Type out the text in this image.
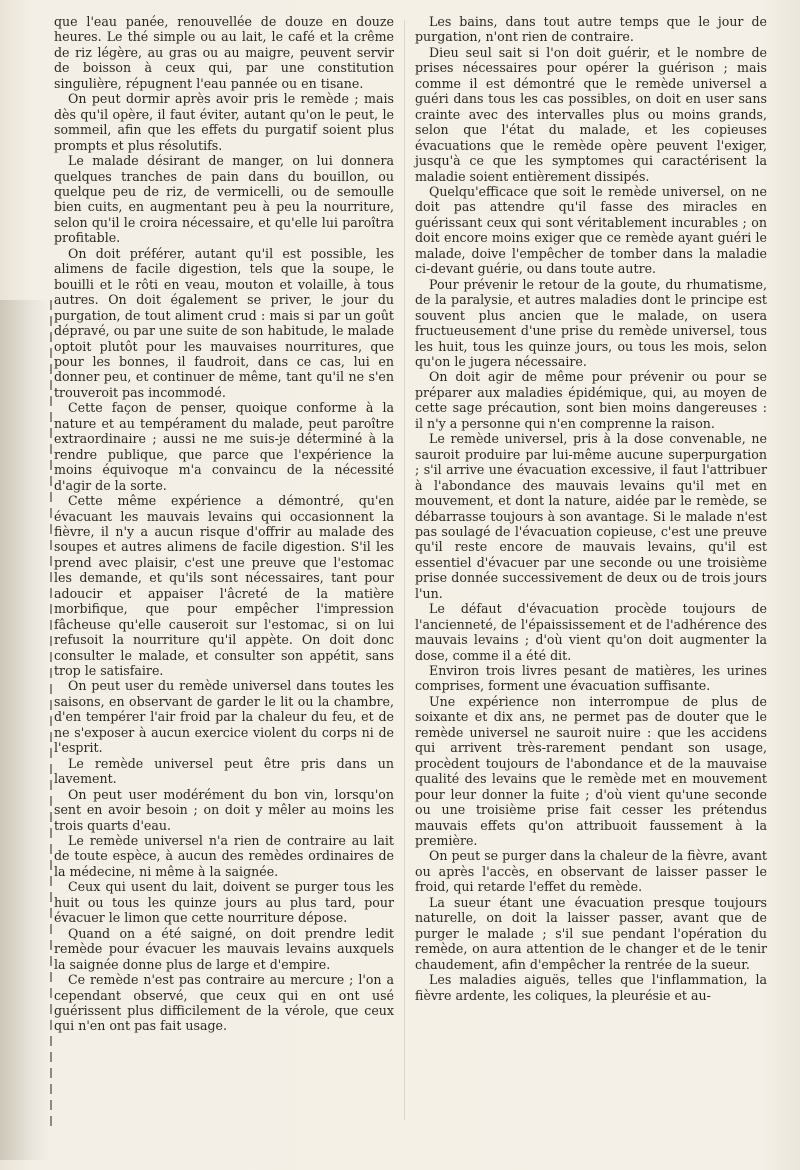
que l'eau panée, renouvellée de douze en douze heures. Le thé simple ou au lait, le café et la crême de riz légère, au gras ou au maigre, peuvent servir de boisson à ceux qui, par une constitution singulière, répugnent l'eau pannée ou en tisane.

On peut dormir après avoir pris le remède ; mais dès qu'il opère, il faut éviter, autant qu'on le peut, le sommeil, afin que les effets du purgatif soient plus prompts et plus résolutifs.

Le malade désirant de manger, on lui donnera quelques tranches de pain dans du bouillon, ou quelque peu de riz, de vermicelli, ou de semoulle bien cuits, en augmentant peu à peu la nourriture, selon qu'il le croira nécessaire, et qu'elle lui paroîtra profitable.

On doit préférer, autant qu'il est possible, les alimens de facile digestion, tels que la soupe, le bouilli et le rôti en veau, mouton et volaille, à tous autres. On doit également se priver, le jour du purgation, de tout aliment crud : mais si par un goût dépravé, ou par une suite de son habitude, le malade optoit plutôt pour les mauvaises nourritures, que pour les bonnes, il faudroit, dans ce cas, lui en donner peu, et continuer de même, tant qu'il ne s'en trouveroit pas incommodé.

Cette façon de penser, quoique conforme à la nature et au tempérament du malade, peut paroître extraordinaire ; aussi ne me suis-je déterminé à la rendre publique, que parce que l'expérience la moins équivoque m'a convaincu de la nécessité d'agir de la sorte.

Cette même expérience a démontré, qu'en évacuant les mauvais levains qui occasionnent la fièvre, il n'y a aucun risque d'offrir au malade des soupes et autres alimens de facile digestion. S'il les prend avec plaisir, c'est une preuve que l'estomac les demande, et qu'ils sont nécessaires, tant pour adoucir et appaiser l'âcreté de la matière morbifique, que pour empêcher l'impression fâcheuse qu'elle causeroit sur l'estomac, si on lui refusoit la nourriture qu'il appète. On doit donc consulter le malade, et consulter son appétit, sans trop le satisfaire.

On peut user du remède universel dans toutes les saisons, en observant de garder le lit ou la chambre, d'en tempérer l'air froid par la chaleur du feu, et de ne s'exposer à aucun exercice violent du corps ni de l'esprit.

Le remède universel peut être pris dans un lavement.

On peut user modérément du bon vin, lorsqu'on sent en avoir besoin ; on doit y mêler au moins les trois quarts d'eau.

Le remède universel n'a rien de contraire au lait de toute espèce, à aucun des remèdes ordinaires de la médecine, ni même à la saignée.

Ceux qui usent du lait, doivent se purger tous les huit ou tous les quinze jours au plus tard, pour évacuer le limon que cette nourriture dépose.

Quand on a été saigné, on doit prendre ledit remède pour évacuer les mauvais levains auxquels la saignée donne plus de large et d'empire.

Ce remède n'est pas contraire au mercure ; l'on a cependant observé, que ceux qui en ont usé guérissent plus difficilement de la vérole, que ceux qui n'en ont pas fait usage.

Les bains, dans tout autre temps que le jour de purgation, n'ont rien de contraire.

Dieu seul sait si l'on doit guérir, et le nombre de prises nécessaires pour opérer la guérison ; mais comme il est démontré que le remède universel a guéri dans tous les cas possibles, on doit en user sans crainte avec des intervalles plus ou moins grands, selon que l'état du malade, et les copieuses évacuations que le remède opère peuvent l'exiger, jusqu'à ce que les symptomes qui caractérisent la maladie soient entièrement dissipés.

Quelqu'efficace que soit le remède universel, on ne doit pas attendre qu'il fasse des miracles en guérissant ceux qui sont véritablement incurables ; on doit encore moins exiger que ce remède ayant guéri le malade, doive l'empêcher de tomber dans la maladie ci-devant guérie, ou dans toute autre.

Pour prévenir le retour de la goute, du rhumatisme, de la paralysie, et autres maladies dont le principe est souvent plus ancien que le malade, on usera fructueusement d'une prise du remède universel, tous les huit, tous les quinze jours, ou tous les mois, selon qu'on le jugera nécessaire.

On doit agir de même pour prévenir ou pour se préparer aux maladies épidémique, qui, au moyen de cette sage précaution, sont bien moins dangereuses : il n'y a personne qui n'en comprenne la raison.

Le remède universel, pris à la dose convenable, ne sauroit produire par lui-même aucune superpurgation ; s'il arrive une évacuation excessive, il faut l'attribuer à l'abondance des mauvais levains qu'il met en mouvement, et dont la nature, aidée par le remède, se débarrasse toujours à son avantage. Si le malade n'est pas soulagé de l'évacuation copieuse, c'est une preuve qu'il reste encore de mauvais levains, qu'il est essentiel d'évacuer par une seconde ou une troisième prise donnée successivement de deux ou de trois jours l'un.

Le défaut d'évacuation procède toujours de l'ancienneté, de l'épaississement et de l'adhérence des mauvais levains ; d'où vient qu'on doit augmenter la dose, comme il a été dit.

Environ trois livres pesant de matières, les urines comprises, forment une évacuation suffisante.

Une expérience non interrompue de plus de soixante et dix ans, ne permet pas de douter que le remède universel ne sauroit nuire : que les accidens qui arrivent très-rarement pendant son usage, procèdent toujours de l'abondance et de la mauvaise qualité des levains que le remède met en mouvement pour leur donner la fuite ; d'où vient qu'une seconde ou une troisième prise fait cesser les prétendus mauvais effets qu'on attribuoit faussement à la première.

On peut se purger dans la chaleur de la fièvre, avant ou après l'accès, en observant de laisser passer le froid, qui retarde l'effet du remède.

La sueur étant une évacuation presque toujours naturelle, on doit la laisser passer, avant que de purger le malade ; s'il sue pendant l'opération du remède, on aura attention de le changer et de le tenir chaudement, afin d'empêcher la rentrée de la sueur.

Les maladies aiguës, telles que l'inflammation, la fièvre ardente, les coliques, la pleurésie et au-
